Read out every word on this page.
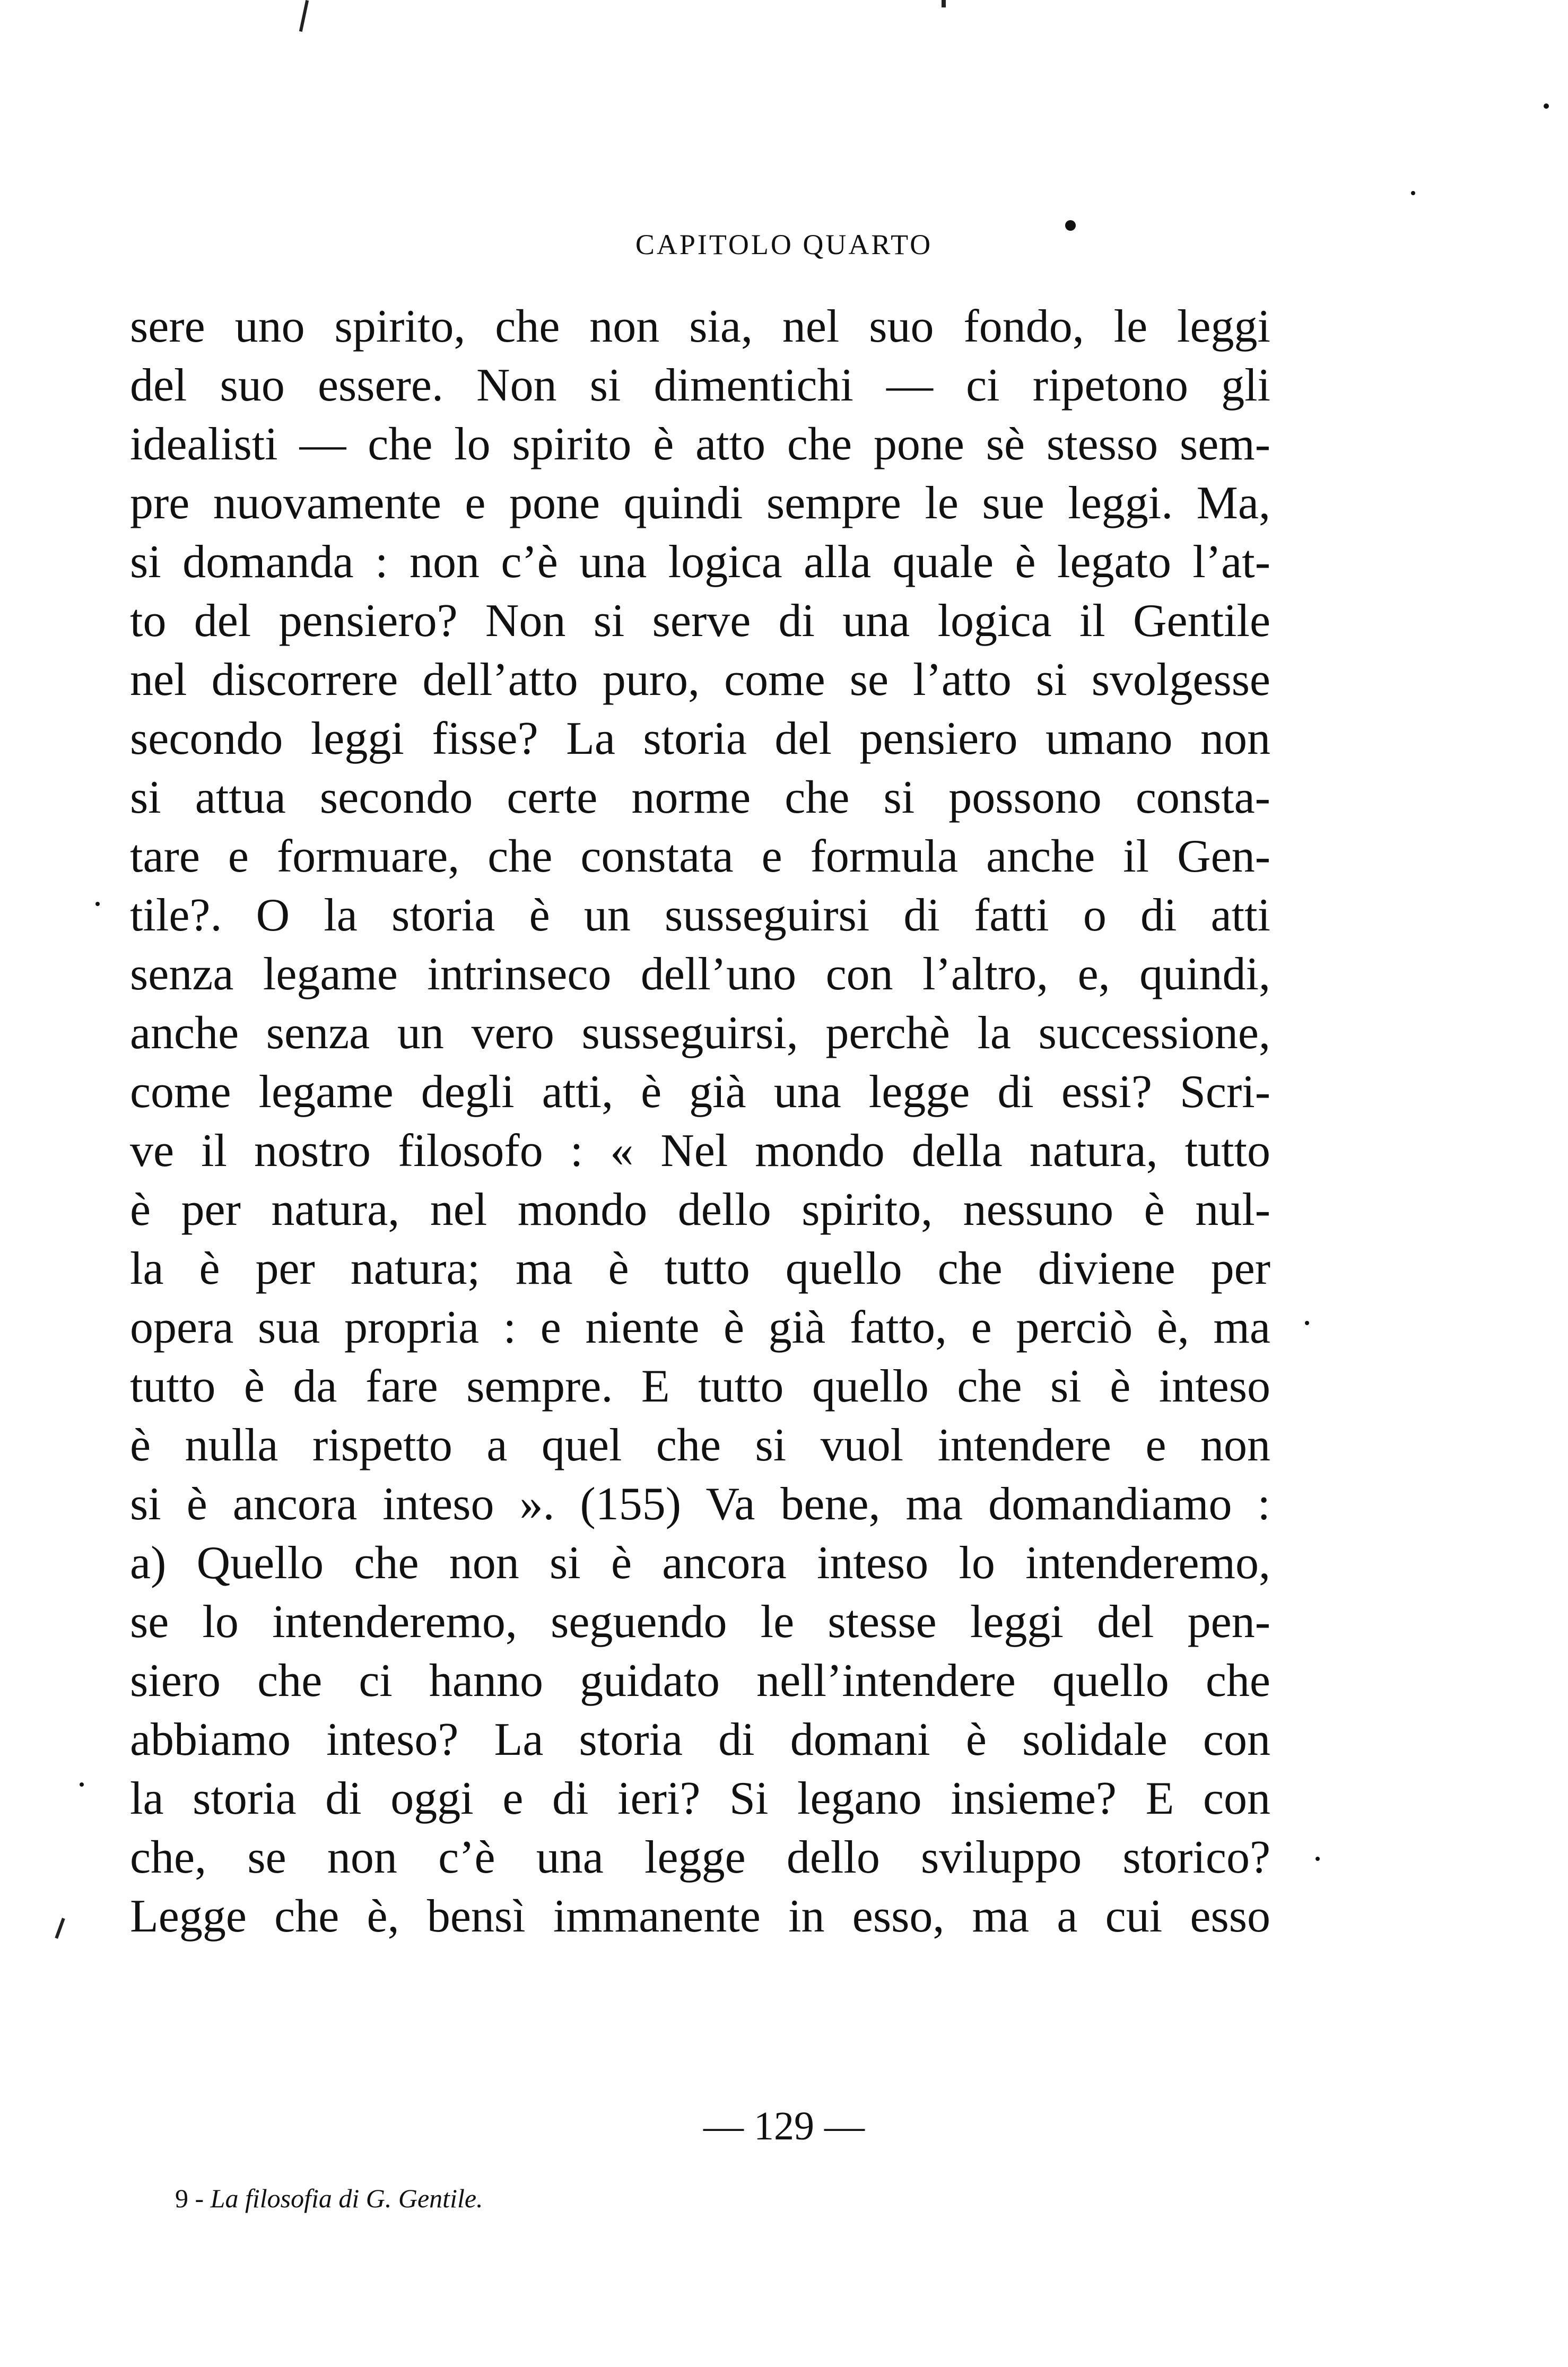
CAPITOLO QUARTO
sere uno spirito, che non sia, nel suo fondo, le leggi
del suo essere. Non si dimentichi — ci ripetono gli
idealisti — che lo spirito è atto che pone sè stesso sem-
pre nuovamente e pone quindi sempre le sue leggi. Ma,
si domanda : non c’è una logica alla quale è legato l’at-
to del pensiero? Non si serve di una logica il Gentile
nel discorrere dell’atto puro, come se l’atto si svolgesse
secondo leggi fisse? La storia del pensiero umano non
si attua secondo certe norme che si possono consta-
tare e formuare, che constata e formula anche il Gen-
tile?. O la storia è un susseguirsi di fatti o di atti
senza legame intrinseco dell’uno con l’altro, e, quindi,
anche senza un vero susseguirsi, perchè la successione,
come legame degli atti, è già una legge di essi? Scri-
ve il nostro filosofo : « Nel mondo della natura, tutto
è per natura, nel mondo dello spirito, nessuno è nul-
la è per natura; ma è tutto quello che diviene per
opera sua propria : e niente è già fatto, e perciò è, ma
tutto è da fare sempre. E tutto quello che si è inteso
è nulla rispetto a quel che si vuol intendere e non
si è ancora inteso ». (155) Va bene, ma domandiamo :
a) Quello che non si è ancora inteso lo intenderemo,
se lo intenderemo, seguendo le stesse leggi del pen-
siero che ci hanno guidato nell’intendere quello che
abbiamo inteso? La storia di domani è solidale con
la storia di oggi e di ieri? Si legano insieme? E con
che, se non c’è una legge dello sviluppo storico?
Legge che è, bensì immanente in esso, ma a cui esso
— 129 —
9 - La filosofia di G. Gentile.
